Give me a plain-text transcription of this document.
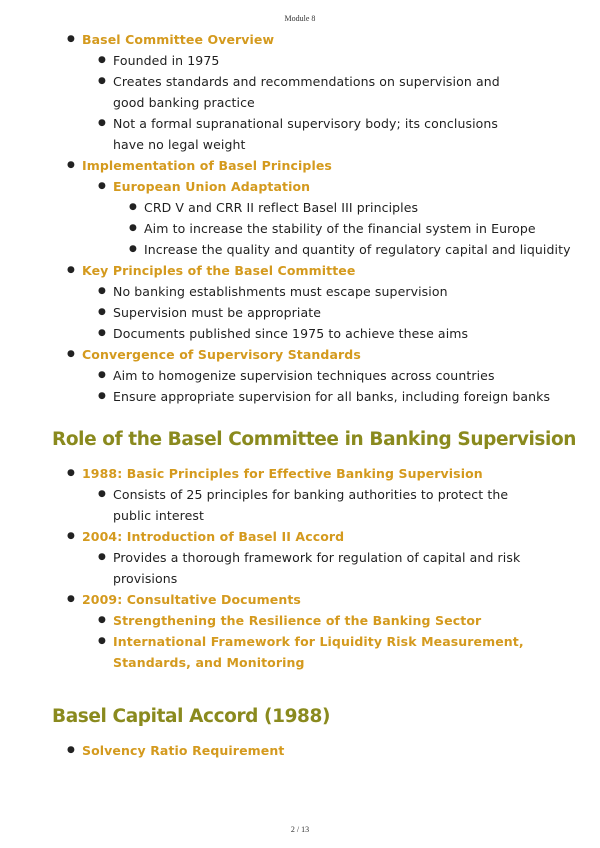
Module 8
● Basel Committee Overview
● Founded in 1975
● Creates standards and recommendations on supervision and good banking practice
● Not a formal supranational supervisory body; its conclusions have no legal weight
● Implementation of Basel Principles
● European Union Adaptation
● CRD V and CRR II reflect Basel III principles
● Aim to increase the stability of the financial system in Europe
● Increase the quality and quantity of regulatory capital and liquidity
● Key Principles of the Basel Committee
● No banking establishments must escape supervision
● Supervision must be appropriate
● Documents published since 1975 to achieve these aims
● Convergence of Supervisory Standards
● Aim to homogenize supervision techniques across countries
● Ensure appropriate supervision for all banks, including foreign banks
Role of the Basel Committee in Banking Supervision
● 1988: Basic Principles for Effective Banking Supervision
● Consists of 25 principles for banking authorities to protect the public interest
● 2004: Introduction of Basel II Accord
● Provides a thorough framework for regulation of capital and risk provisions
● 2009: Consultative Documents
● Strengthening the Resilience of the Banking Sector
● International Framework for Liquidity Risk Measurement, Standards, and Monitoring
Basel Capital Accord (1988)
● Solvency Ratio Requirement
2 / 13
